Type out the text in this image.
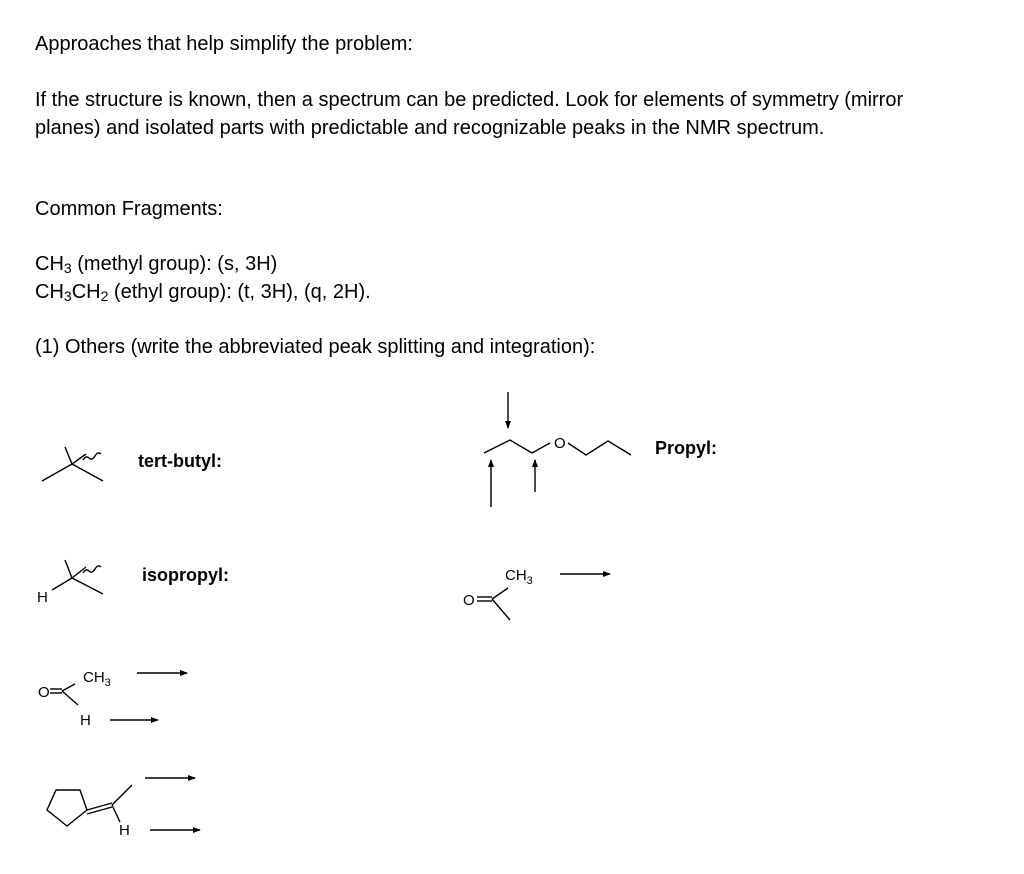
Approaches that help simplify the problem:
If the structure is known, then a spectrum can be predicted. Look for elements of symmetry (mirror planes) and isolated parts with predictable and recognizable peaks in the NMR spectrum.
Common Fragments:
$CH_3$ (methyl group): (s, 3H)
$CH_3CH_2$ (ethyl group): (t, 3H), (q, 2H).
(1) Others (write the abbreviated peak splitting and integration):
tert-butyl:
isopropyl:
Propyl:
H
O
$CH_3$
H
H
O
O
$CH_3$
